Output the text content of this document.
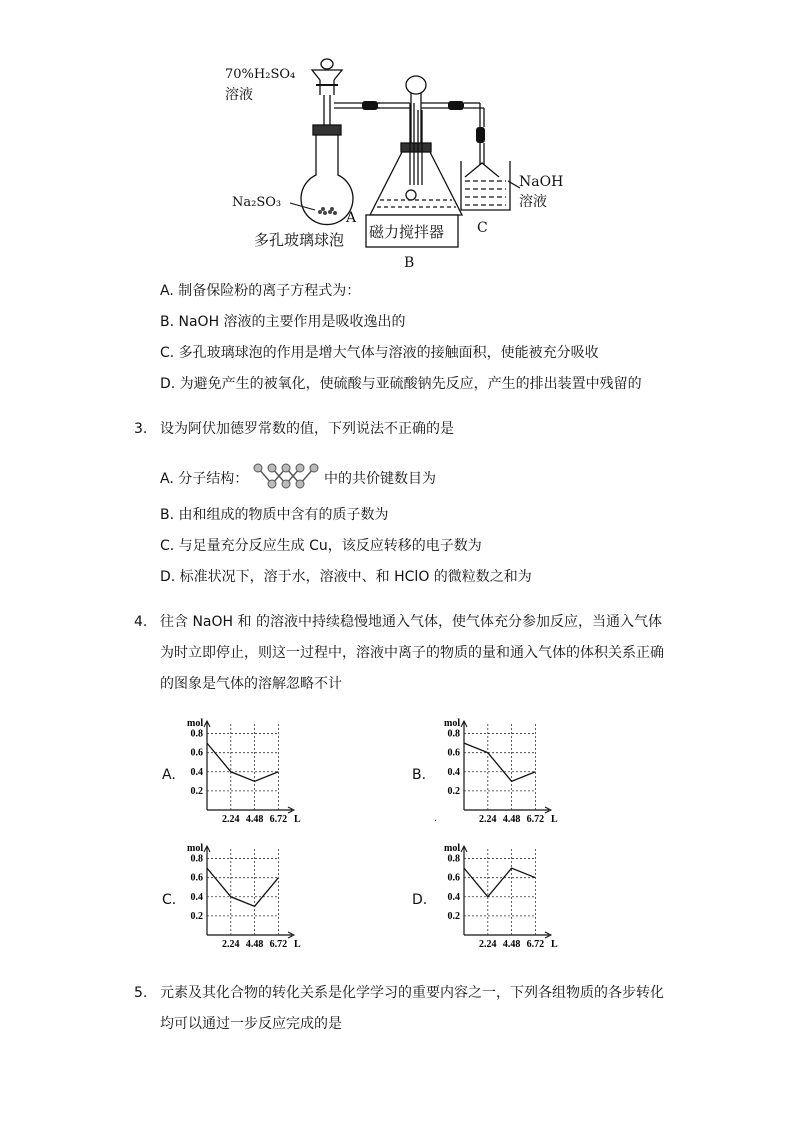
70%H₂SO₄
溶液
Na₂SO₃
A
多孔玻璃球泡 磁力搅拌器
B
NaOH
溶液
C
A. 制备保险粉的离子方程式为：
B. NaOH 溶液的主要作用是吸收逸出的
C. 多孔玻璃球泡的作用是增大气体与溶液的接触面积，使能被充分吸收
D. 为避免产生的被氧化，使硫酸与亚硫酸钠先反应，产生的排出装置中残留的
3. 设为阿伏加德罗常数的值，下列说法不正确的是
A. 分子结构：	中的共价键数目为
B. 由和组成的物质中含有的质子数为
C. 与足量充分反应生成 Cu，该反应转移的电子数为
D. 标准状况下，溶于水，溶液中、和 HClO 的微粒数之和为
4. 往含 NaOH 和 的溶液中持续稳慢地通入气体，使气体充分参加反应，当通入气体
为时立即停止，则这一过程中，溶液中离子的物质的量和通入气体的体积关系正确
的图象是气体的溶解忽略不计
A.	B.
C.	D.
.
0.8
0.6
0.4
0.2
2.24 4.48 6.72
mol
L
0.8
0.6
0.4
0.2
2.24 4.48 6.72
mol
L
0.8
0.6
0.4
0.2
2.24 4.48 6.72
mol
L
0.8
0.6
0.4
0.2
2.24 4.48 6.72
mol
L
5. 元素及其化合物的转化关系是化学学习的重要内容之一，下列各组物质的各步转化
均可以通过一步反应完成的是
